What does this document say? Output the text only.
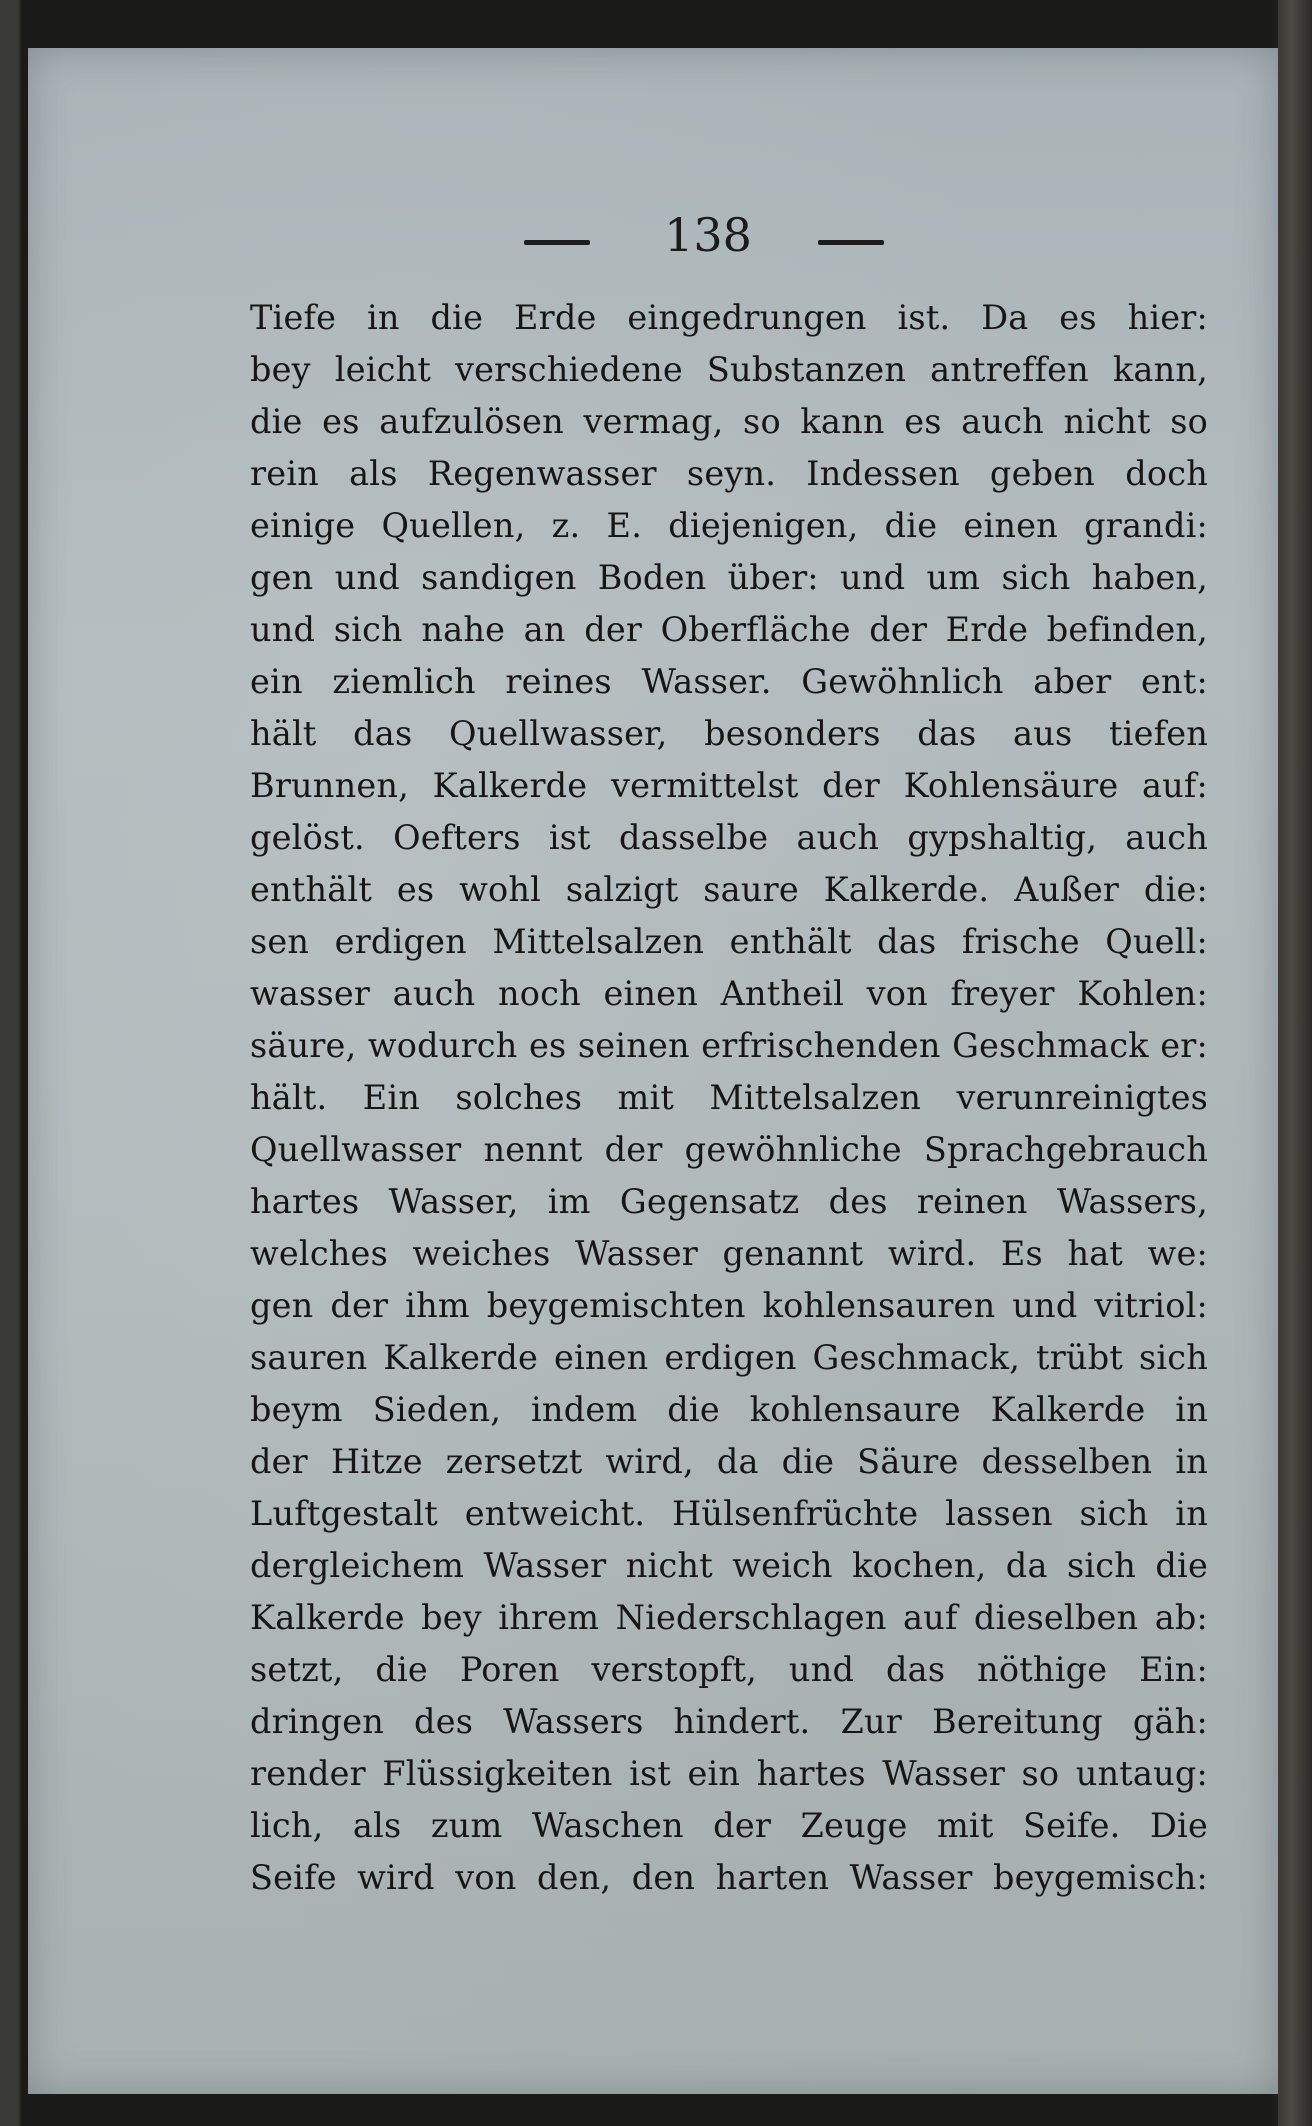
138
Tiefe in die Erde eingedrungen ist. Da es hier:
bey leicht verschiedene Substanzen antreffen kann,
die es aufzulösen vermag, so kann es auch nicht so
rein als Regenwasser seyn. Indessen geben doch
einige Quellen, z. E. diejenigen, die einen grandi:
gen und sandigen Boden über: und um sich haben,
und sich nahe an der Oberfläche der Erde befinden,
ein ziemlich reines Wasser. Gewöhnlich aber ent:
hält das Quellwasser, besonders das aus tiefen
Brunnen, Kalkerde vermittelst der Kohlensäure auf:
gelöst. Oefters ist dasselbe auch gypshaltig, auch
enthält es wohl salzigt saure Kalkerde. Außer die:
sen erdigen Mittelsalzen enthält das frische Quell:
wasser auch noch einen Antheil von freyer Kohlen:
säure, wodurch es seinen erfrischenden Geschmack er:
hält. Ein solches mit Mittelsalzen verunreinigtes
Quellwasser nennt der gewöhnliche Sprachgebrauch
hartes Wasser, im Gegensatz des reinen Wassers,
welches weiches Wasser genannt wird. Es hat we:
gen der ihm beygemischten kohlensauren und vitriol:
sauren Kalkerde einen erdigen Geschmack, trübt sich
beym Sieden, indem die kohlensaure Kalkerde in
der Hitze zersetzt wird, da die Säure desselben in
Luftgestalt entweicht. Hülsenfrüchte lassen sich in
dergleichem Wasser nicht weich kochen, da sich die
Kalkerde bey ihrem Niederschlagen auf dieselben ab:
setzt, die Poren verstopft, und das nöthige Ein:
dringen des Wassers hindert. Zur Bereitung gäh:
render Flüssigkeiten ist ein hartes Wasser so untaug:
lich, als zum Waschen der Zeuge mit Seife. Die
Seife wird von den, den harten Wasser beygemisch:
